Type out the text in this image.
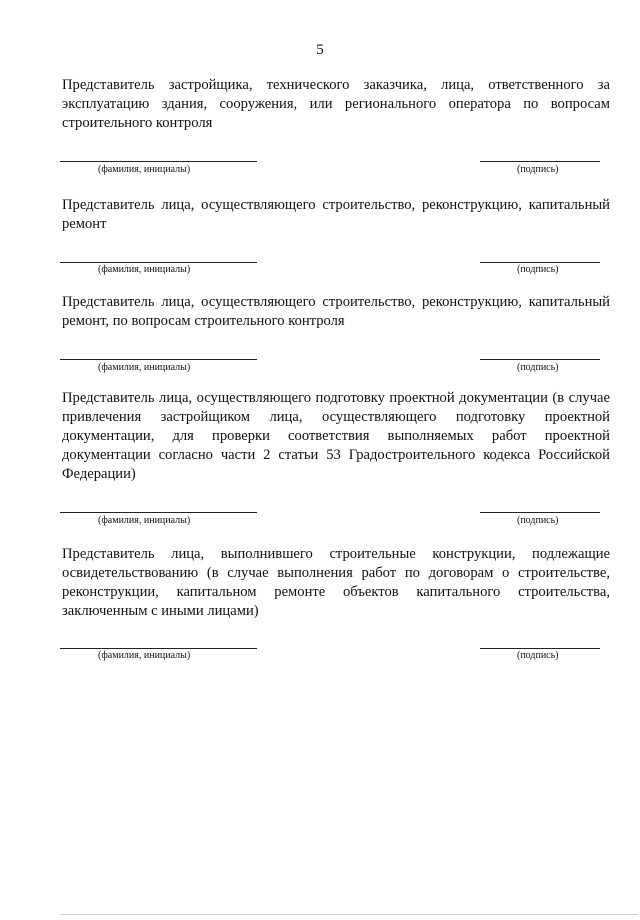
5
Представитель застройщика, технического заказчика, лица, ответственного за эксплуатацию здания, сооружения, или регионального оператора по вопросам строительного контроля
(фамилия, инициалы)	(подпись)
Представитель лица, осуществляющего строительство, реконструкцию, капитальный ремонт
(фамилия, инициалы)	(подпись)
Представитель лица, осуществляющего строительство, реконструкцию, капитальный ремонт, по вопросам строительного контроля
(фамилия, инициалы)	(подпись)
Представитель лица, осуществляющего подготовку проектной документации (в случае привлечения застройщиком лица, осуществляющего подготовку проектной документации, для проверки соответствия выполняемых работ проектной документации согласно части 2 статьи 53 Градостроительного кодекса Российской Федерации)
(фамилия, инициалы)	(подпись)
Представитель лица, выполнившего строительные конструкции, подлежащие освидетельствованию (в случае выполнения работ по договорам о строительстве, реконструкции, капитальном ремонте объектов капитального строительства, заключенным с иными лицами)
(фамилия, инициалы)	(подпись)
